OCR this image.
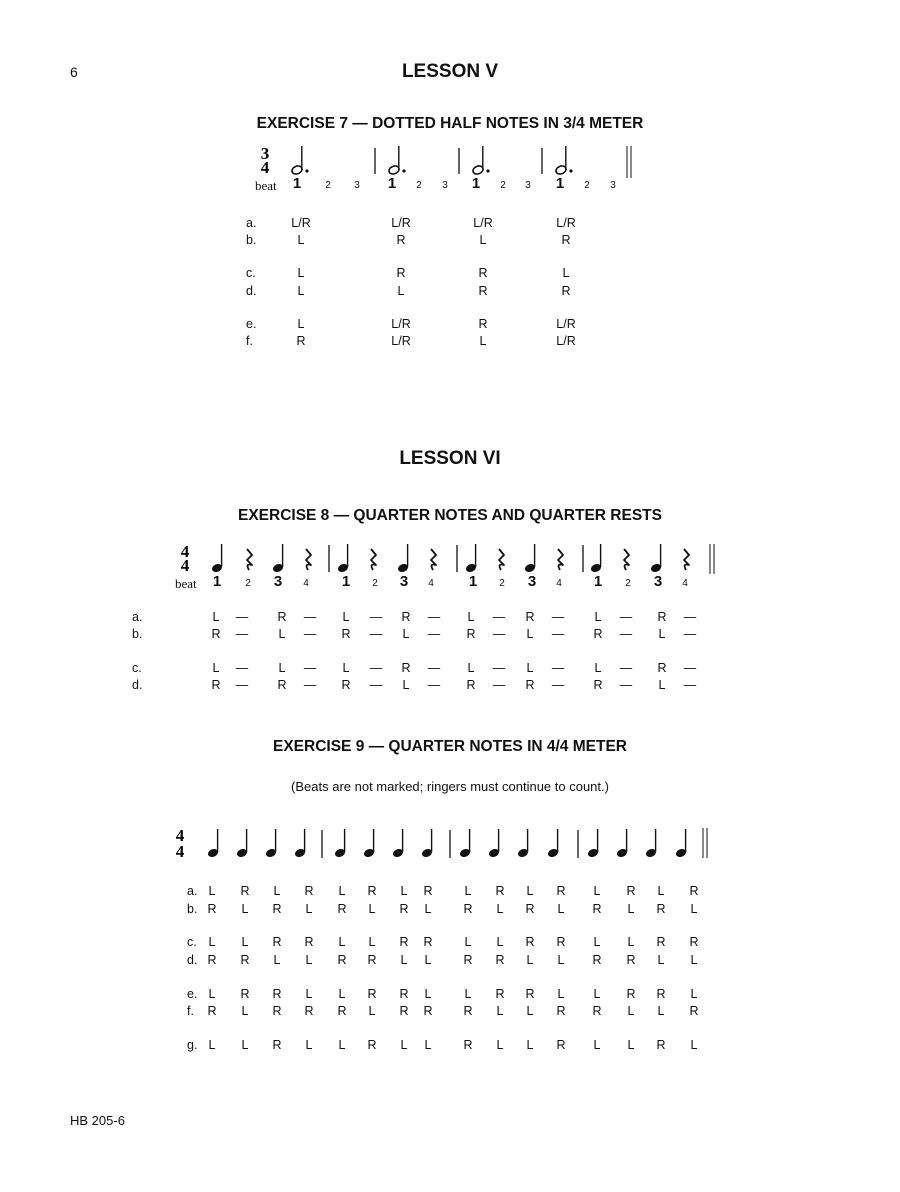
6	LESSON V
EXERCISE 7 — DOTTED HALF NOTES IN 3/4 METER
3
4
beat 1 2 3 1 2 3 1 2 3 1 2 3
a.	L/R	L/R	L/R	L/R
b.	L	R	L	R
c.	L	R	R	L
d.	L	L	R	R
e.	L	L/R	R	L/R
f.	R	L/R	L	L/R
LESSON VI
EXERCISE 8 — QUARTER NOTES AND QUARTER RESTS
4
4
beat 1 2 3 4 1 2 3 4 1 2 3 4 1 2 3 4
a.	L — R — L — R — L — R — L — R —
b.	R — L — R — L — R — L — R — L —
c.	L — L — L — R — L — L — L — R —
d.	R — R — R — L — R — R — R — L —
EXERCISE 9 — QUARTER NOTES IN 4/4 METER
(Beats are not marked; ringers must continue to count.)
4
4
a. L R L R L R L R	L R L R L R L R
b. R L R L R L R L	R L R L R L R L
c. L L R R L L R R	L L R R L L R R
d. R R L L R R L L	R R L L R R L L
e. L R R L L R R L	L R R L L R R L
f. R L R R R L R R R L L R R L L R
g. L L R L L R L L	R L L R L L R L
HB 205-6
